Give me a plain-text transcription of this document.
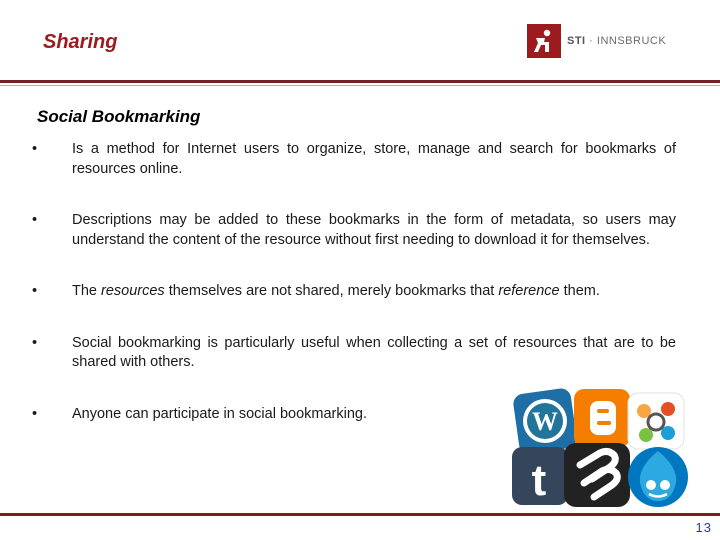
Sharing	STI · INNSBRUCK
Social Bookmarking
•	Is a method for Internet users to organize, store, manage and search for bookmarks of resources online.
•	Descriptions may be added to these bookmarks in the form of metadata, so users may understand the content of the resource without first needing to download it for themselves.
•	The resources themselves are not shared, merely bookmarks that reference them.
•	Social bookmarking is particularly useful when collecting a set of resources that are to be shared with others.
•	Anyone can participate in social bookmarking.	W
t
13
